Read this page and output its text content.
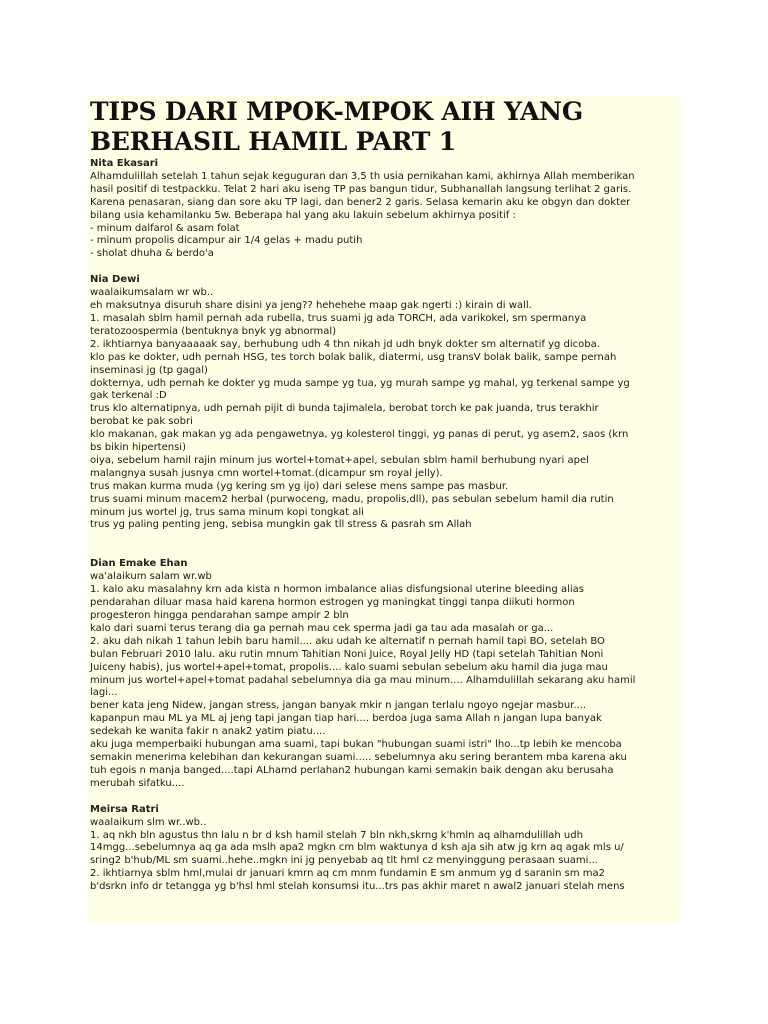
TIPS DARI MPOK-MPOK AIH YANG
BERHASIL HAMIL PART 1
Nita Ekasari
Alhamdulillah setelah 1 tahun sejak keguguran dan 3,5 th usia pernikahan kami, akhirnya Allah memberikan
hasil positif di testpackku. Telat 2 hari aku iseng TP pas bangun tidur, Subhanallah langsung terlihat 2 garis.
Karena penasaran, siang dan sore aku TP lagi, dan bener2 2 garis. Selasa kemarin aku ke obgyn dan dokter
bilang usia kehamilanku 5w. Beberapa hal yang aku lakuin sebelum akhirnya positif :
- minum dalfarol & asam folat
- minum propolis dicampur air 1/4 gelas + madu putih
- sholat dhuha & berdo'a
Nia Dewi
waalaikumsalam wr wb..
eh maksutnya disuruh share disini ya jeng?? hehehehe maap gak ngerti :) kirain di wall.
1. masalah sblm hamil pernah ada rubella, trus suami jg ada TORCH, ada varikokel, sm spermanya
teratozoospermia (bentuknya bnyk yg abnormal)
2. ikhtiarnya banyaaaaak say, berhubung udh 4 thn nikah jd udh bnyk dokter sm alternatif yg dicoba.
klo pas ke dokter, udh pernah HSG, tes torch bolak balik, diatermi, usg transV bolak balik, sampe pernah
inseminasi jg (tp gagal)
dokternya, udh pernah ke dokter yg muda sampe yg tua, yg murah sampe yg mahal, yg terkenal sampe yg
gak terkenal :D
trus klo alternatipnya, udh pernah pijit di bunda tajimalela, berobat torch ke pak juanda, trus terakhir
berobat ke pak sobri
klo makanan, gak makan yg ada pengawetnya, yg kolesterol tinggi, yg panas di perut, yg asem2, saos (krn
bs bikin hipertensi)
oiya, sebelum hamil rajin minum jus wortel+tomat+apel, sebulan sblm hamil berhubung nyari apel
malangnya susah jusnya cmn wortel+tomat.(dicampur sm royal jelly).
trus makan kurma muda (yg kering sm yg ijo) dari selese mens sampe pas masbur.
trus suami minum macem2 herbal (purwoceng, madu, propolis,dll), pas sebulan sebelum hamil dia rutin
minum jus wortel jg, trus sama minum kopi tongkat ali
trus yg paling penting jeng, sebisa mungkin gak tll stress & pasrah sm Allah
Dian Emake Ehan
wa'alaikum salam wr.wb
1. kalo aku masalahny krn ada kista n hormon imbalance alias disfungsional uterine bleeding alias
pendarahan diluar masa haid karena hormon estrogen yg maningkat tinggi tanpa diikuti hormon
progesteron hingga pendarahan sampe ampir 2 bln
kalo dari suami terus terang dia ga pernah mau cek sperma jadi ga tau ada masalah or ga...
2. aku dah nikah 1 tahun lebih baru hamil.... aku udah ke alternatif n pernah hamil tapi BO, setelah BO
bulan Februari 2010 lalu. aku rutin mnum Tahitian Noni Juice, Royal Jelly HD (tapi setelah Tahitian Noni
Juiceny habis), jus wortel+apel+tomat, propolis.... kalo suami sebulan sebelum aku hamil dia juga mau
minum jus wortel+apel+tomat padahal sebelumnya dia ga mau minum.... Alhamdulillah sekarang aku hamil
lagi...
bener kata jeng Nidew, jangan stress, jangan banyak mkir n jangan terlalu ngoyo ngejar masbur....
kapanpun mau ML ya ML aj jeng tapi jangan tiap hari.... berdoa juga sama Allah n jangan lupa banyak
sedekah ke wanita fakir n anak2 yatim piatu....
aku juga memperbaiki hubungan ama suami, tapi bukan "hubungan suami istri" lho...tp lebih ke mencoba
semakin menerima kelebihan dan kekurangan suami..... sebelumnya aku sering berantem mba karena aku
tuh egois n manja banged....tapi ALhamd perlahan2 hubungan kami semakin baik dengan aku berusaha
merubah sifatku....
Meirsa Ratri
waalaikum slm wr..wb..
1. aq nkh bln agustus thn lalu n br d ksh hamil stelah 7 bln nkh,skrng k'hmln aq alhamdulillah udh
14mgg...sebelumnya aq ga ada mslh apa2 mgkn cm blm waktunya d ksh aja sih atw jg krn aq agak mls u/
sring2 b'hub/ML sm suami..hehe..mgkn ini jg penyebab aq tlt hml cz menyinggung perasaan suami...
2. ikhtiarnya sblm hml,mulai dr januari kmrn aq cm mnm fundamin E sm anmum yg d saranin sm ma2
b'dsrkn info dr tetangga yg b'hsl hml stelah konsumsi itu...trs pas akhir maret n awal2 januari stelah mens
